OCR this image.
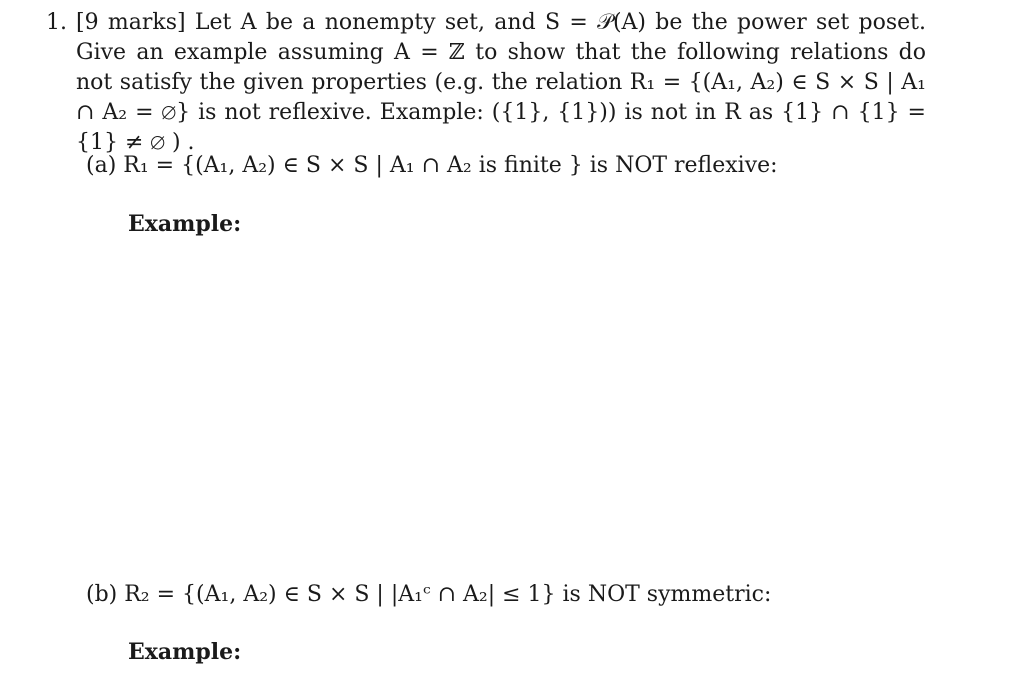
1. [9 marks] Let A be a nonempty set, and S = 𝒫(A) be the power set poset. Give an example assuming A = ℤ to show that the following relations do not satisfy the given properties (e.g. the relation R₁ = {(A₁, A₂) ∈ S × S | A₁ ∩ A₂ = ∅} is not reflexive. Example: ({1}, {1})) is not in R as {1} ∩ {1} = {1} ≠ ∅ ) .
(a) R₁ = {(A₁, A₂) ∈ S × S | A₁ ∩ A₂ is finite } is NOT reflexive:
Example:
(b) R₂ = {(A₁, A₂) ∈ S × S | |A₁ᶜ ∩ A₂| ≤ 1} is NOT symmetric:
Example:
